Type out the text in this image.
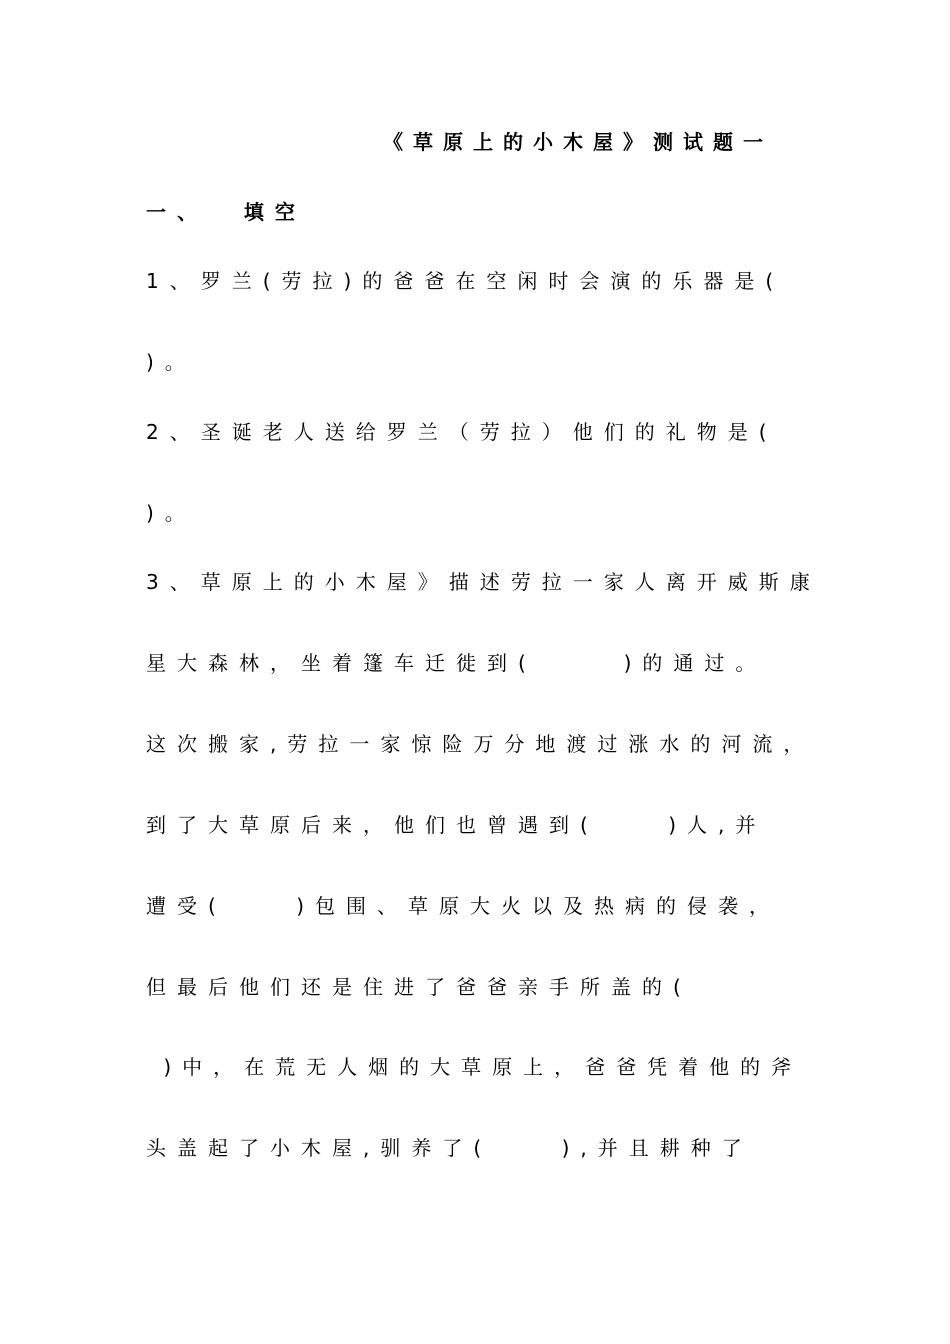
《草原上的小木屋》测试题一
一、  填空
1、罗兰(劳拉)的爸爸在空闲时会演的乐器是(
)。
2、圣诞老人送给罗兰（劳拉）他们的礼物是(
)。
3、草原上的小木屋》描述劳拉一家人离开威斯康
星大森林，坐着篷车迁徙到(     )的通过。
这次搬家,劳拉一家惊险万分地渡过涨水的河流，
到了大草原后来，他们也曾遇到(    )人,并
遭受(    )包围、草原大火以及热病的侵袭，
但最后他们还是住进了爸爸亲手所盖的(
)中，在荒无人烟的大草原上，爸爸凭着他的斧
头盖起了小木屋,驯养了(    ),并且耕种了
